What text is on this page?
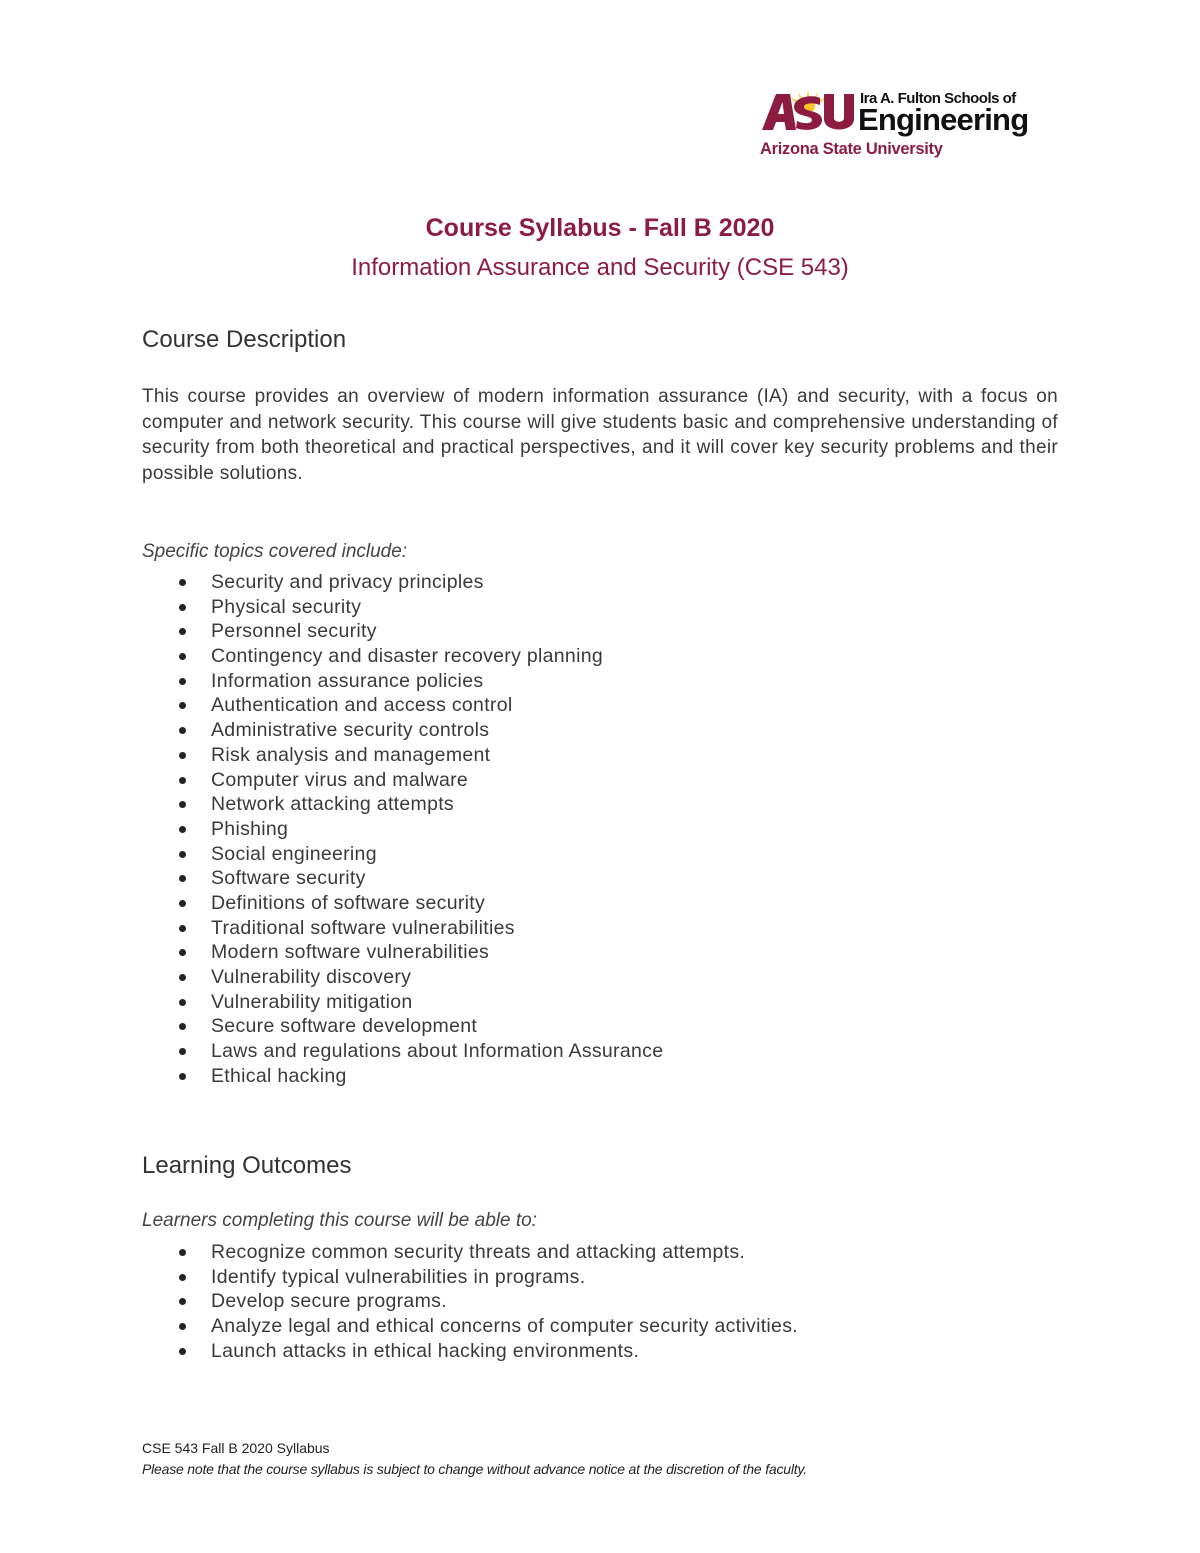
Ira A. Fulton Schools of
Engineering
Arizona State University
Course Syllabus - Fall B 2020
Information Assurance and Security (CSE 543)
Course Description
This course provides an overview of modern information assurance (IA) and security, with a focus on computer and network security. This course will give students basic and comprehensive understanding of security from both theoretical and practical perspectives, and it will cover key security problems and their possible solutions.
Specific topics covered include:
Security and privacy principles
Physical security
Personnel security
Contingency and disaster recovery planning
Information assurance policies
Authentication and access control
Administrative security controls
Risk analysis and management
Computer virus and malware
Network attacking attempts
Phishing
Social engineering
Software security
Definitions of software security
Traditional software vulnerabilities
Modern software vulnerabilities
Vulnerability discovery
Vulnerability mitigation
Secure software development
Laws and regulations about Information Assurance
Ethical hacking
Learning Outcomes
Learners completing this course will be able to:
Recognize common security threats and attacking attempts.
Identify typical vulnerabilities in programs.
Develop secure programs.
Analyze legal and ethical concerns of computer security activities.
Launch attacks in ethical hacking environments.
CSE 543 Fall B 2020 Syllabus
Please note that the course syllabus is subject to change without advance notice at the discretion of the faculty.
